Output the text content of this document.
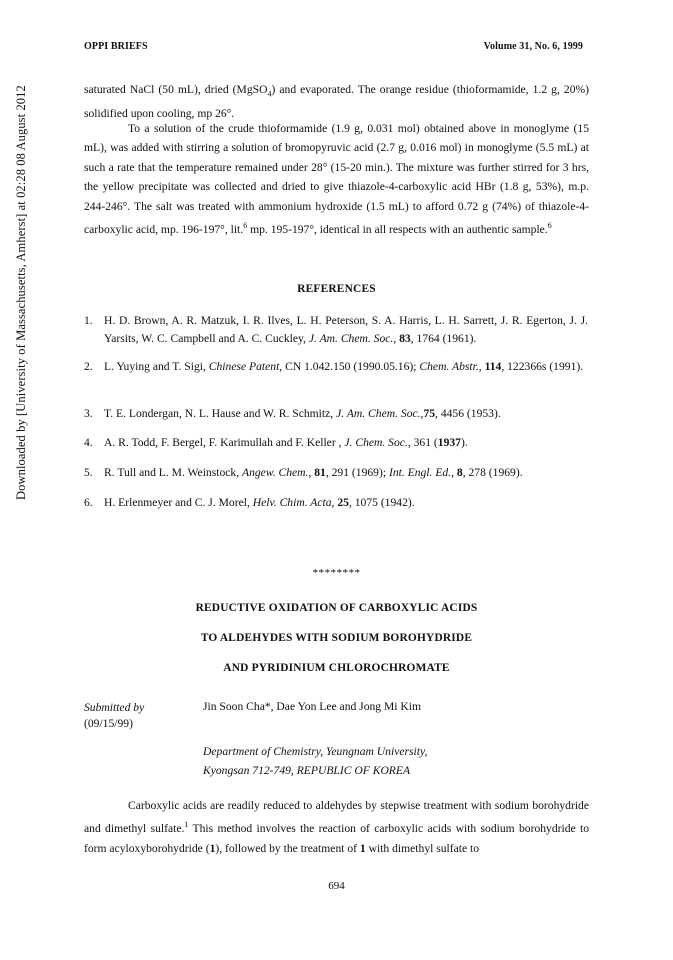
OPPI BRIEFS	Volume 31, No. 6, 1999
Downloaded by [University of Massachusetts, Amherst] at 02:28 08 August 2012	saturated NaCl (50 mL), dried (MgSO$_4$) and evaporated. The orange residue (thioformamide, 1.2 g, 20%) solidified upon cooling, mp 26°.
To a solution of the crude thioformamide (1.9 g, 0.031 mol) obtained above in monoglyme (15 mL), was added with stirring a solution of bromopyruvic acid (2.7 g, 0.016 mol) in monoglyme (5.5 mL) at such a rate that the temperature remained under 28° (15-20 min.). The mixture was further stirred for 3 hrs, the yellow precipitate was collected and dried to give thiazole-4-carboxylic acid HBr (1.8 g, 53%), m.p. 244-246°. The salt was treated with ammonium hydroxide (1.5 mL) to afford 0.72 g (74%) of thiazole-4-carboxylic acid, mp. 196-197°, lit.$^6$ mp. 195-197°, identical in all respects with an authentic sample.$^6$
REFERENCES
1. H. D. Brown, A. R. Matzuk, I. R. Ilves, L. H. Peterson, S. A. Harris, L. H. Sarrett, J. R. Egerton, J. J. Yarsits, W. C. Campbell and A. C. Cuckley, J. Am. Chem. Soc., 83, 1764 (1961).
2. L. Yuying and T. Sigi, Chinese Patent, CN 1.042.150 (1990.05.16); Chem. Abstr., 114, 122366s (1991).
3. T. E. Londergan, N. L. Hause and W. R. Schmitz, J. Am. Chem. Soc.,75, 4456 (1953).
4. A. R. Todd, F. Bergel, F. Karimullah and F. Keller , J. Chem. Soc., 361 (1937).
5. R. Tull and L. M. Weinstock, Angew. Chem., 81, 291 (1969); Int. Engl. Ed., 8, 278 (1969).
6. H. Erlenmeyer and C. J. Morel, Helv. Chim. Acta, 25, 1075 (1942).
********
REDUCTIVE OXIDATION OF CARBOXYLIC ACIDS
TO ALDEHYDES WITH SODIUM BOROHYDRIDE
AND PYRIDINIUM CHLOROCHROMATE
Submitted by
(09/15/99)
Jin Soon Cha*, Dae Yon Lee and Jong Mi Kim
Department of Chemistry, Yeungnam University,
Kyongsan 712-749, REPUBLIC OF KOREA
Carboxylic acids are readily reduced to aldehydes by stepwise treatment with sodium borohydride and dimethyl sulfate.$^1$ This method involves the reaction of carboxylic acids with sodium borohydride to form acyloxyborohydride (1), followed by the treatment of 1 with dimethyl sulfate to
694
